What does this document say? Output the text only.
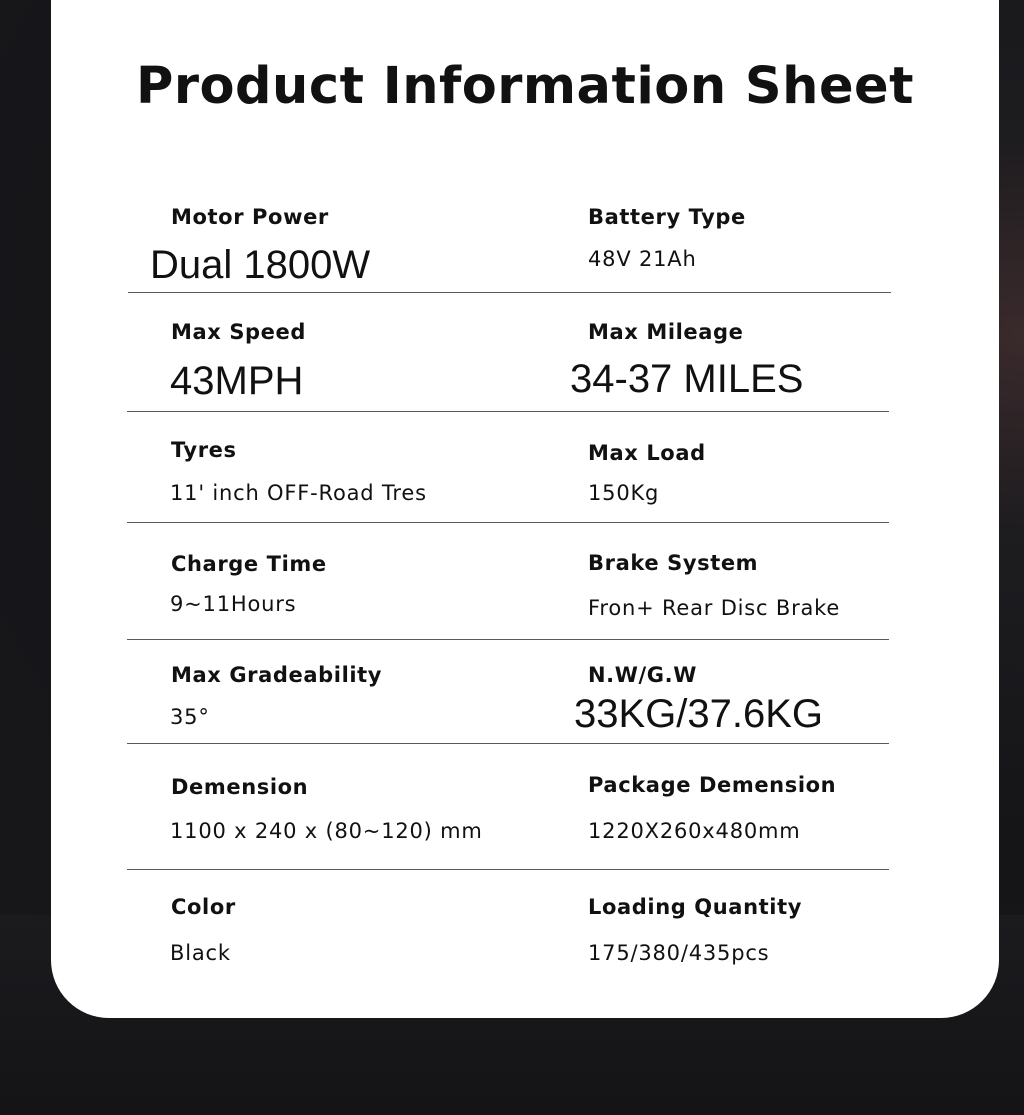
Product Information Sheet
Motor Power
Dual 1800W
Battery Type
48V 21Ah
Max Speed
43MPH
Max Mileage
34-37 MILES
Tyres
11' inch OFF-Road Tres
Max Load
150Kg
Charge Time
9~11Hours
Brake System
Fron+ Rear Disc Brake
Max Gradeability
35°
N.W/G.W
33KG/37.6KG
Demension
1100 x 240 x (80~120) mm
Package Demension
1220X260x480mm
Color
Black
Loading Quantity
175/380/435pcs
